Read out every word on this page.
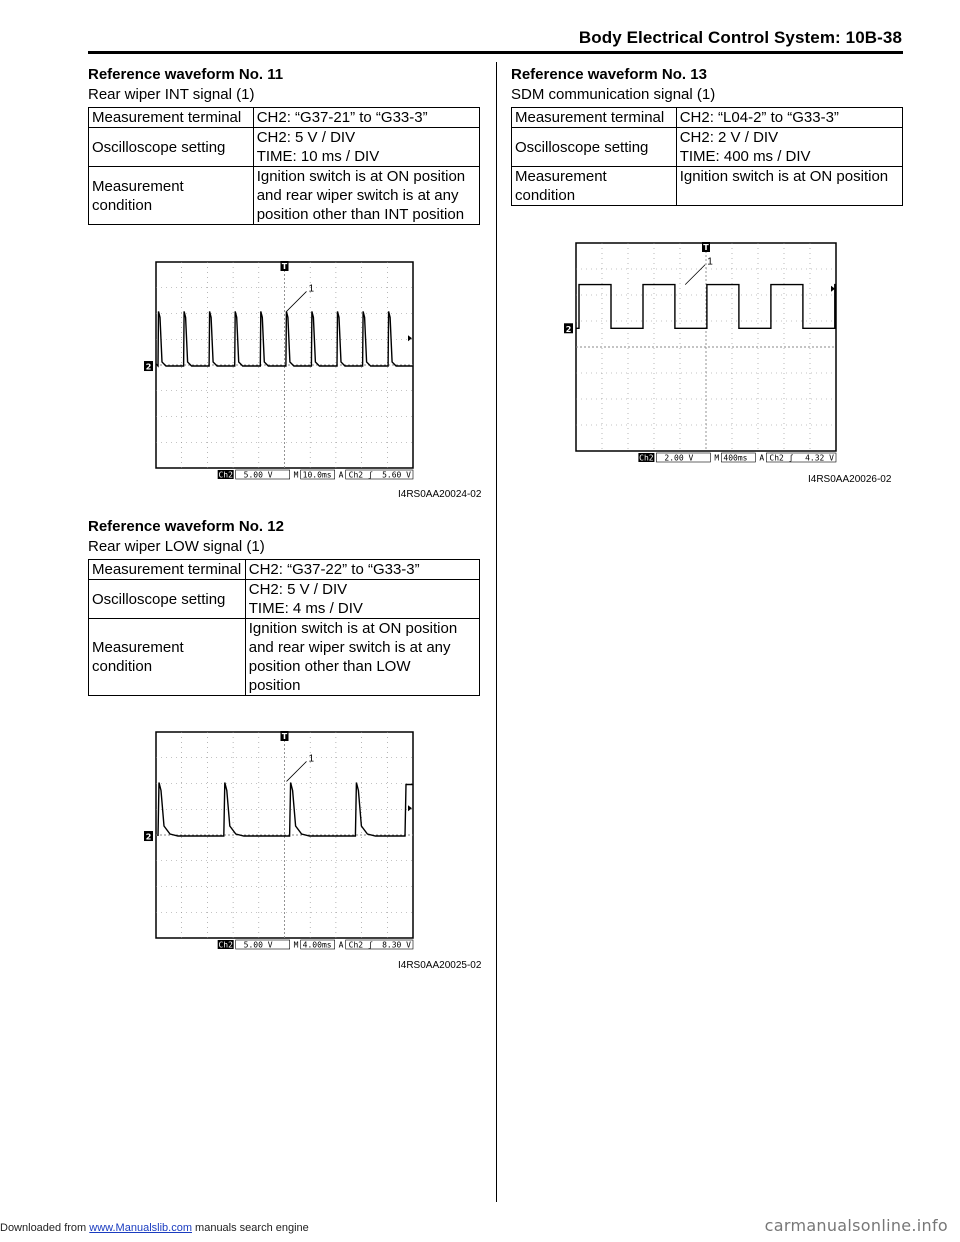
Body Electrical Control System: 10B-38
Reference waveform No. 11
Rear wiper INT signal (1)
Measurement terminal	CH2: “G37-21” to “G33-3”
Oscilloscope setting	CH2: 5 V / DIV
TIME: 10 ms / DIV
Measurement
condition	Ignition switch is at ON position
and rear wiper switch is at any
position other than INT position
T
2
1
Ch2 5.00 V	M 10.0ms A Ch2 ʃ 5.60 V
I4RS0AA20024-02
Reference waveform No. 12
Rear wiper LOW signal (1)
Measurement terminal	CH2: “G37-22” to “G33-3”
Oscilloscope setting	CH2: 5 V / DIV
TIME: 4 ms / DIV
Measurement
condition	Ignition switch is at ON position
and rear wiper switch is at any
position other than LOW
position
T
2
1
Ch2 5.00 V	M 4.00ms A Ch2 ʃ 8.30 V
I4RS0AA20025-02
Reference waveform No. 13
SDM communication signal (1)
Measurement terminal	CH2: “L04-2” to “G33-3”
Oscilloscope setting	CH2: 2 V / DIV
TIME: 400 ms / DIV
Measurement
condition	Ignition switch is at ON position
T
2
1
Ch2 2.00 V	M 400ms A Ch2 ʃ 4.32 V
I4RS0AA20026-02
Downloaded from www.Manualslib.com manuals search engine	carmanualsonline.info
